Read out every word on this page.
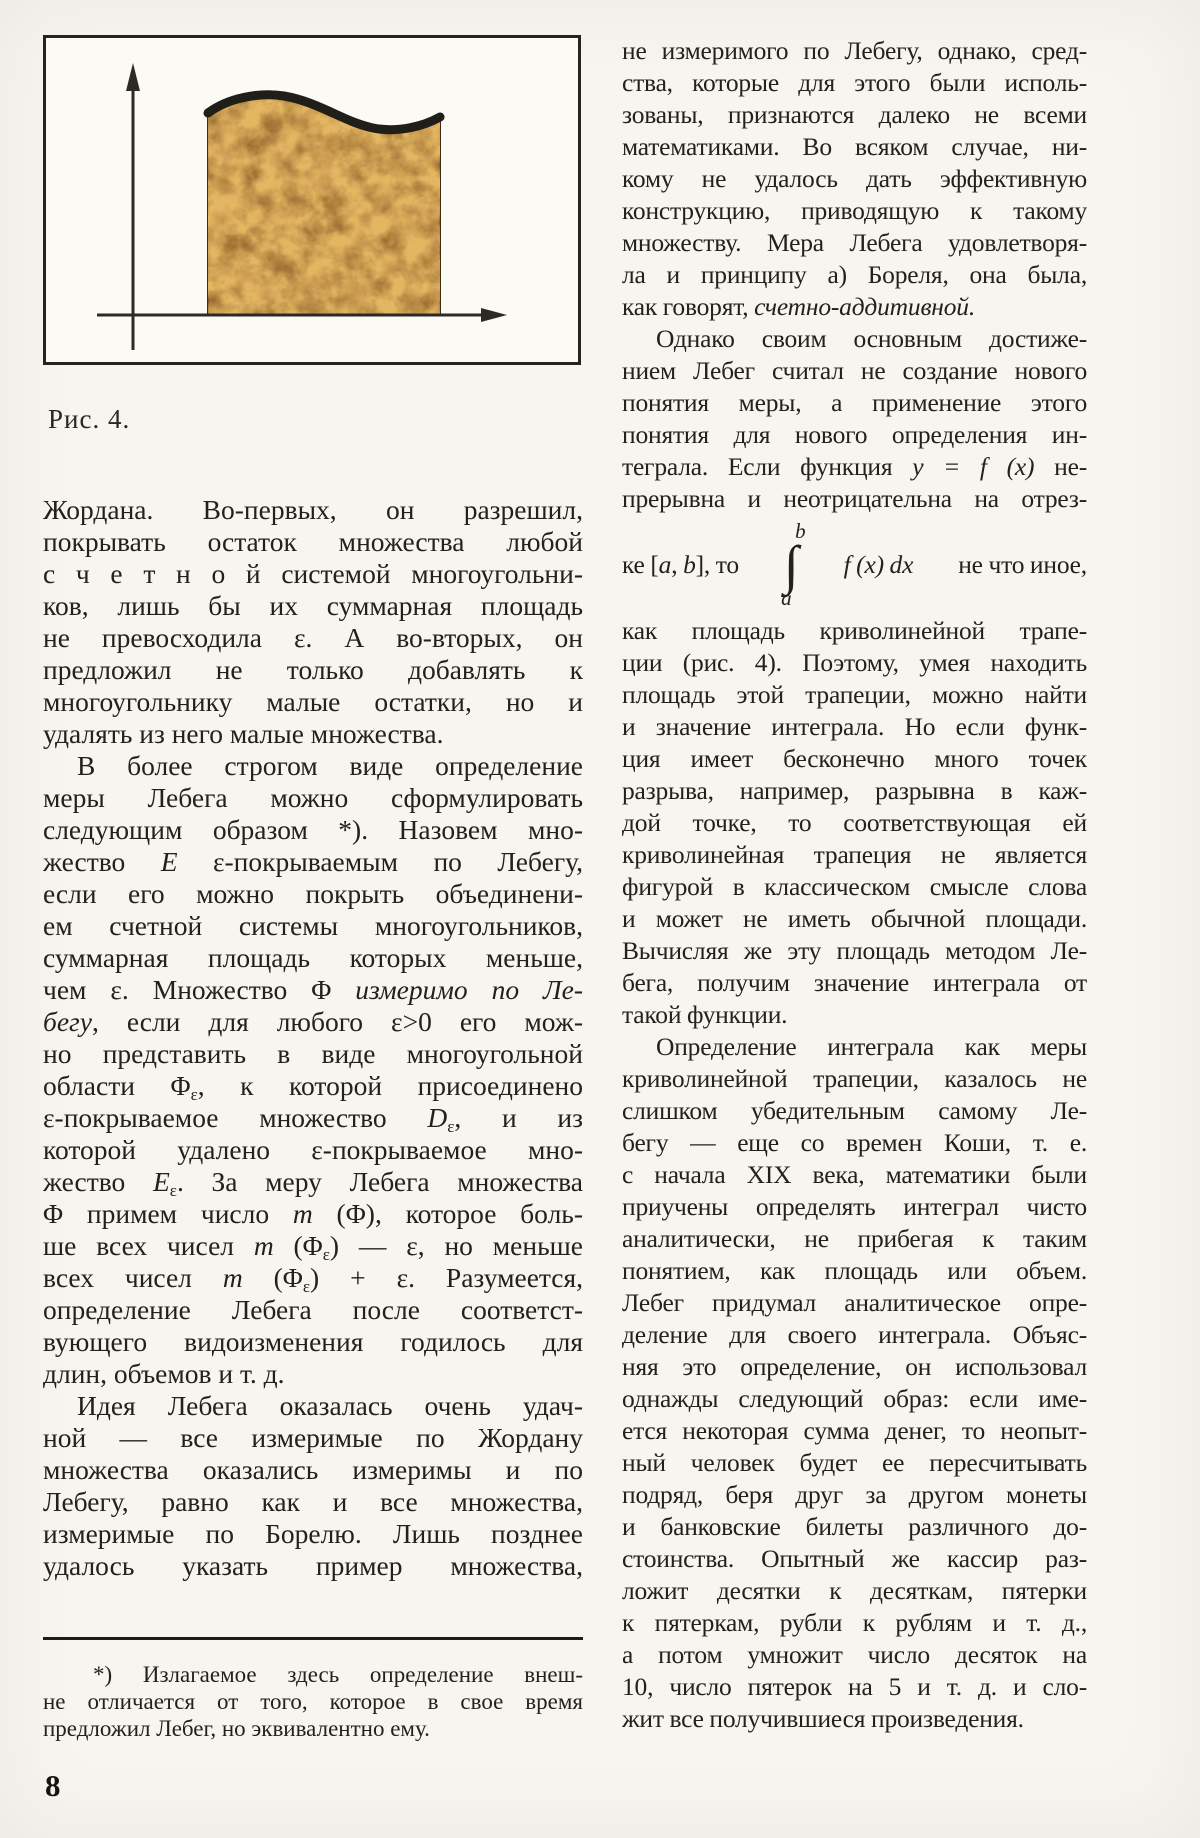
Рис. 4.
Жордана. Во-первых, он разрешил,
покрывать остаток множества любой
с ч е т н о й системой многоугольни-
ков, лишь бы их суммарная площадь
не превосходила ε. А во-вторых, он
предложил не только добавлять к
многоугольнику малые остатки, но и
удалять из него малые множества.
В более строгом виде определение
меры Лебега можно сформулировать
следующим образом *). Назовем мно-
жество E ε-покрываемым по Лебегу,
если его можно покрыть объединени-
ем счетной системы многоугольников,
суммарная площадь которых меньше,
чем ε. Множество Φ измеримо по Ле-
бегу, если для любого ε>0 его мож-
но представить в виде многоугольной
области Φε, к которой присоединено
ε-покрываемое множество Dε, и из
которой удалено ε-покрываемое мно-
жество Eε. За меру Лебега множества
Φ примем число m (Φ), которое боль-
ше всех чисел m (Φε) — ε, но меньше
всех чисел m (Φε) + ε. Разумеется,
определение Лебега после соответст-
вующего видоизменения годилось для
длин, объемов и т. д.
Идея Лебега оказалась очень удач-
ной — все измеримые по Жордану
множества оказались измеримы и по
Лебегу, равно как и все множества,
измеримые по Борелю. Лишь позднее
удалось указать пример множества,
не измеримого по Лебегу, однако, сред-
ства, которые для этого были исполь-
зованы, признаются далеко не всеми
математиками. Во всяком случае, ни-
кому не удалось дать эффективную
конструкцию, приводящую к такому
множеству. Мера Лебега удовлетворя-
ла и принципу а) Бореля, она была,
как говорят, счетно-аддитивной.
Однако своим основным достиже-
нием Лебег считал не создание нового
понятия меры, а применение этого
понятия для нового определения ин-
теграла. Если функция y = f (x) не-
прерывна и неотрицательна на отрез-
ке [a, b], то
b
∫
a
f (x) dx не что иное,
как площадь криволинейной трапе-
ции (рис. 4). Поэтому, умея находить
площадь этой трапеции, можно найти
и значение интеграла. Но если функ-
ция имеет бесконечно много точек
разрыва, например, разрывна в каж-
дой точке, то соответствующая ей
криволинейная трапеция не является
фигурой в классическом смысле слова
и может не иметь обычной площади.
Вычисляя же эту площадь методом Ле-
бега, получим значение интеграла от
такой функции.
Определение интеграла как меры
криволинейной трапеции, казалось не
слишком убедительным самому Ле-
бегу — еще со времен Коши, т. е.
с начала XIX века, математики были
приучены определять интеграл чисто
аналитически, не прибегая к таким
понятием, как площадь или объем.
Лебег придумал аналитическое опре-
деление для своего интеграла. Объяс-
няя это определение, он использовал
однажды следующий образ: если име-
ется некоторая сумма денег, то неопыт-
ный человек будет ее пересчитывать
подряд, беря друг за другом монеты
и банковские билеты различного до-
стоинства. Опытный же кассир раз-
ложит десятки к десяткам, пятерки
к пятеркам, рубли к рублям и т. д.,
а потом умножит число десяток на
10, число пятерок на 5 и т. д. и сло-
жит все получившиеся произведения.
*) Излагаемое здесь определение внеш-
не отличается от того, которое в свое время
предложил Лебег, но эквивалентно ему.
8
